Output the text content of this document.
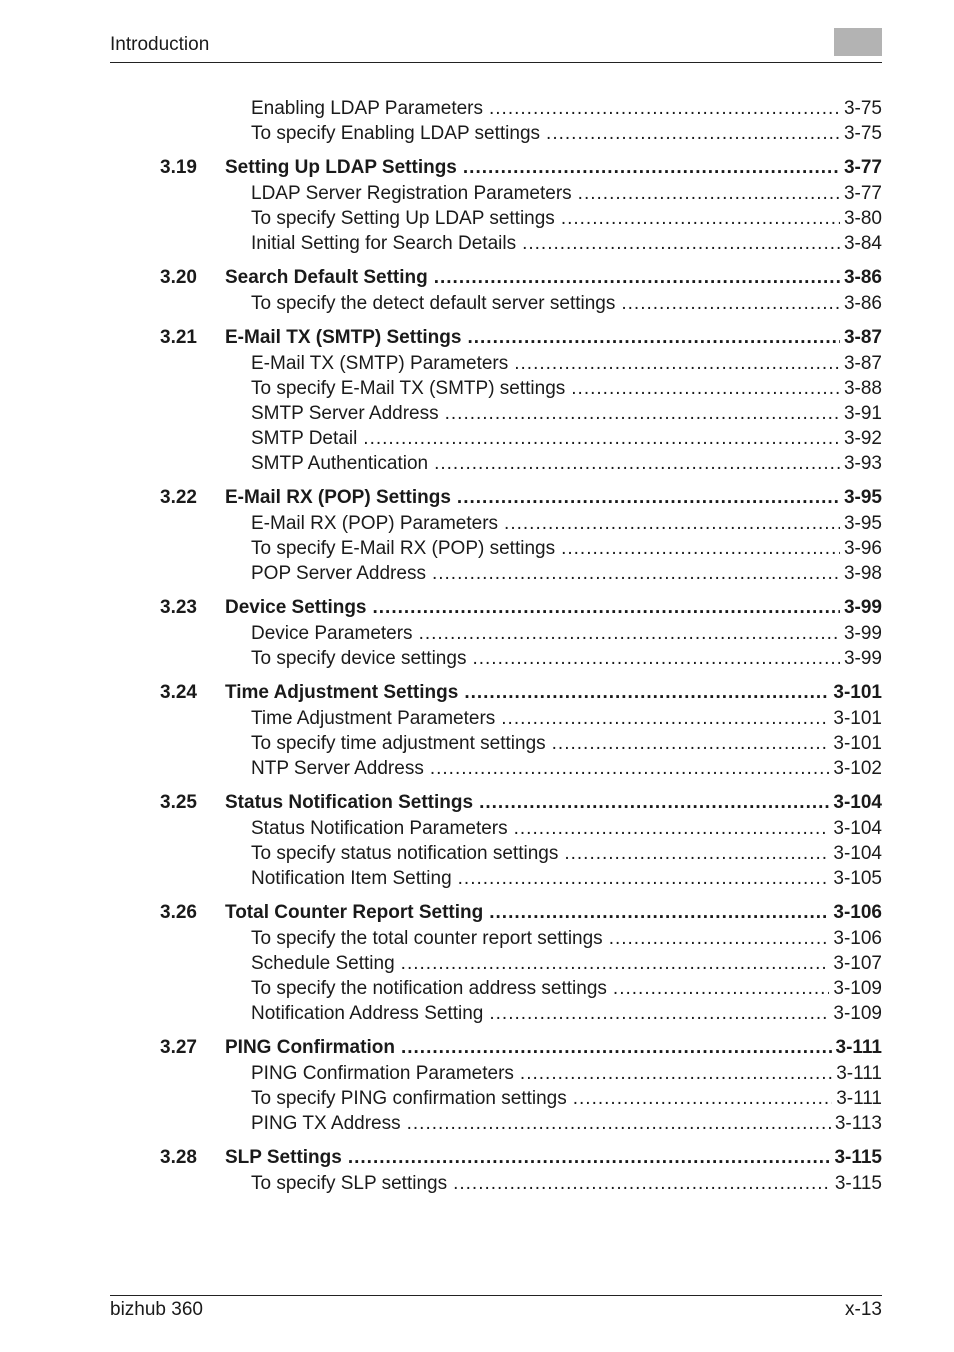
Introduction
Enabling LDAP Parameters .....	3-75
To specify Enabling LDAP settings .....	3-75
3.19	Setting Up LDAP Settings .....	3-77
LDAP Server Registration Parameters .....	3-77
To specify Setting Up LDAP settings .....	3-80
Initial Setting for Search Details .....	3-84
3.20	Search Default Setting .....	3-86
To specify the detect default server settings .....	3-86
3.21	E-Mail TX (SMTP) Settings .....	3-87
E-Mail TX (SMTP) Parameters .....	3-87
To specify E-Mail TX (SMTP) settings .....	3-88
SMTP Server Address .....	3-91
SMTP Detail .....	3-92
SMTP Authentication .....	3-93
3.22	E-Mail RX (POP) Settings .....	3-95
E-Mail RX (POP) Parameters .....	3-95
To specify E-Mail RX (POP) settings .....	3-96
POP Server Address .....	3-98
3.23	Device Settings .....	3-99
Device Parameters .....	3-99
To specify device settings .....	3-99
3.24	Time Adjustment Settings .....	3-101
Time Adjustment Parameters .....	3-101
To specify time adjustment settings .....	3-101
NTP Server Address .....	3-102
3.25	Status Notification Settings .....	3-104
Status Notification Parameters .....	3-104
To specify status notification settings .....	3-104
Notification Item Setting .....	3-105
3.26	Total Counter Report Setting .....	3-106
To specify the total counter report settings .....	3-106
Schedule Setting .....	3-107
To specify the notification address settings .....	3-109
Notification Address Setting .....	3-109
3.27	PING Confirmation .....	3-111
PING Confirmation Parameters .....	3-111
To specify PING confirmation settings .....	3-111
PING TX Address .....	3-113
3.28	SLP Settings .....	3-115
To specify SLP settings .....	3-115
bizhub 360	x-13
